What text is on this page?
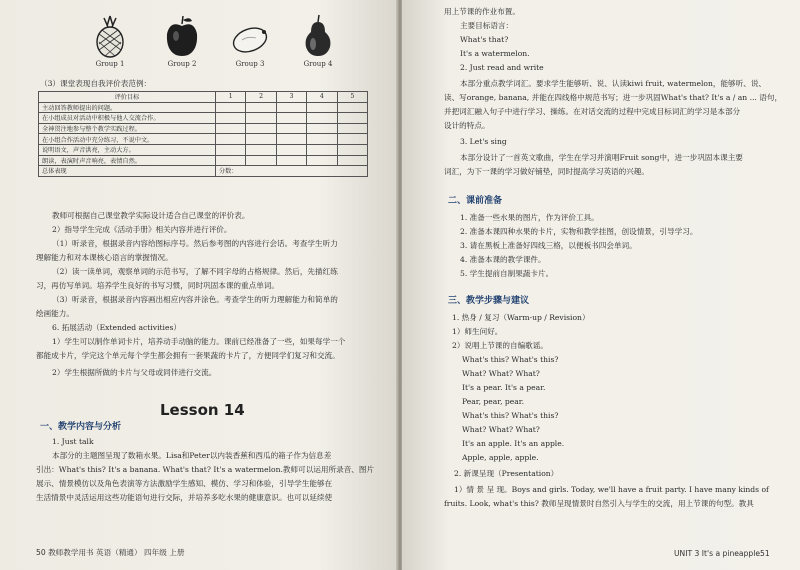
Group 1	Group 2	Group 3	Group 4
（3）课堂表现自我评价表范例：
评价目标	1	2	3	4	5
主动回答教师提出的问题。					
在小组成员对活动中积极与他人交流合作。					
全神贯注地参与整个教学实践过程。					
在小组合作活动中充分练习，不说中文。					
说明语文，声音洪亮，主动大方。					
朗读，表演时声音响亮，表情自然。					
总体表现	分数：				
教师可根据自己课堂教学实际设计适合自己课堂的评价表。
2）指导学生完成《活动手册》相关内容并进行评价。
（1）听录音，根据录音内容给图标序号。然后参考图的内容进行会话。考查学生听力
理解能力和对本课核心语言的掌握情况。
（2）读一读单词，观察单词的示范书写，了解不同字母的占格规律。然后，先描红练
习，再仿写单词。培养学生良好的书写习惯，同时巩固本课的重点单词。
（3）听录音，根据录音内容画出相应内容并涂色。考查学生的听力理解能力和简单的
绘画能力。
6. 拓展活动（Extended activities）
1）学生可以制作单词卡片，培养动手动脑的能力。课前已经准备了一些，如果每学一个
都能成卡片，学完这个单元每个学生都会拥有一套果蔬的卡片了，方便同学们复习和交流。
2）学生根据所做的卡片与父母或同伴进行交流。
Lesson 14
一、教学内容与分析
1. Just talk
本部分的主题图呈现了数箱水果。Lisa和Peter以内装香蕉和西瓜的箱子作为信息差
引出：What's this? It's a banana. What's that? It's a watermelon.教师可以运用所录音、图片
展示、情景模仿以及角色表演等方法激励学生感知、模仿、学习和体验，引导学生能够在
生活情景中灵活运用这些功能语句进行交际，并培养多吃水果的健康意识。也可以延续使
50 教师教学用书 英语（精通） 四年级 上册
用上节课的作业布置。
主要目标语言：
What's that?
It's a watermelon.
2. Just read and write
本部分重点教学词汇。要求学生能够听、说、认读kiwi fruit, watermelon，能够听、说、
读、写orange, banana, 并能在四线格中规范书写；进一步巩固What's that? It's a / an ... 语句，
并把词汇融入句子中进行学习、操练。在对话交流的过程中完成目标词汇的学习是本部分
设计的特点。
3. Let's sing
本部分设计了一首英文歌曲，学生在学习并演唱Fruit song中，进一步巩固本课主要
词汇，为下一课的学习做好铺垫，同时提高学习英语的兴趣。
二、课前准备
1. 准备一些水果的图片，作为评价工具。
2. 准备本课四种水果的卡片，实物和教学挂图，创设情景，引导学习。
3. 请在黑板上准备好四线三格，以便板书四会单词。
4. 准备本课的教学课件。
5. 学生提前自制果蔬卡片。
三、教学步骤与建议
1. 热身 / 复习（Warm-up / Revision）
1）师生问好。
2）说唱上节课的自编歌谣。
What's this? What's this?
What? What? What?
It's a pear. It's a pear.
Pear, pear, pear.
What's this? What's this?
What? What? What?
It's an apple. It's an apple.
Apple, apple, apple.
2. 新课呈现（Presentation）
1）情 景 呈 现。Boys and girls. Today, we'll have a fruit party. I have many kinds of
fruits. Look, what's this? 教师呈现情景时自然引入与学生的交流，用上节课的句型。教具
UNIT 3 It's a pineapple.
51
